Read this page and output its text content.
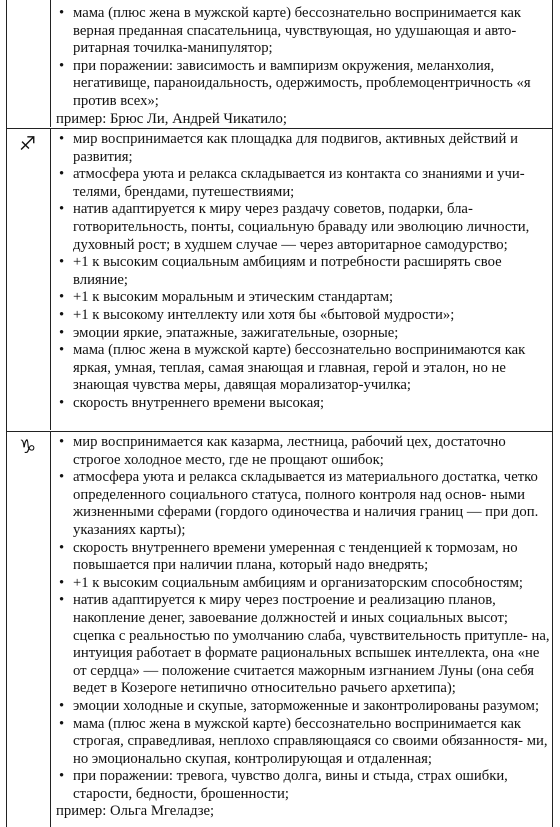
• мама (плюс жена в мужской карте) бессознательно воспринимается как верная преданная спасательница, чувствующая, но удушающая и авто- ритарная точилка-манипулятор;
• при поражении: зависимость и вампиризм окружения, меланхолия, негативище, параноидальность, одержимость, проблемоцентричность «я против всех»;
пример: Брюс Ли, Андрей Чикатило;
♐ • мир воспринимается как площадка для подвигов, активных действий и развития;
• атмосфера уюта и релакса складывается из контакта со знаниями и учи- телями, брендами, путешествиями;
• натив адаптируется к миру через раздачу советов, подарки, бла- готворительность, понты, социальную браваду или эволюцию личности, духовный рост; в худшем случае — через авторитарное самодурство;
• +1 к высоким социальным амбициям и потребности расширять свое влияние;
• +1 к высоким моральным и этическим стандартам;
• +1 к высокому интеллекту или хотя бы «бытовой мудрости»;
• эмоции яркие, эпатажные, зажигательные, озорные;
• мама (плюс жена в мужской карте) бессознательно воспринимаются как яркая, умная, теплая, самая знающая и главная, герой и эталон, но не знающая чувства меры, давящая морализатор-училка;
• скорость внутреннего времени высокая;
♑ • мир воспринимается как казарма, лестница, рабочий цех, достаточно строгое холодное место, где не прощают ошибок;
• атмосфера уюта и релакса складывается из материального достатка, четко определенного социального статуса, полного контроля над основ- ными жизненными сферами (гордого одиночества и наличия границ — при доп. указаниях карты);
• скорость внутреннего времени умеренная с тенденцией к тормозам, но повышается при наличии плана, который надо внедрять;
• +1 к высоким социальным амбициям и организаторским способностям;
• натив адаптируется к миру через построение и реализацию планов, накопление денег, завоевание должностей и иных социальных высот; сцепка с реальностью по умолчанию слаба, чувствительность притупле- на, интуиция работает в формате рациональных вспышек интеллекта, она «не от сердца» — положение считается мажорным изгнанием Луны (она себя ведет в Козероге нетипично относительно рачьего архетипа);
• эмоции холодные и скупые, заторможенные и законтролированы разумом;
• мама (плюс жена в мужской карте) бессознательно воспринимается как строгая, справедливая, неплохо справляющаяся со своими обязанностя- ми, но эмоционально скупая, контролирующая и отдаленная;
• при поражении: тревога, чувство долга, вины и стыда, страх ошибки, старости, бедности, брошенности;
пример: Ольга Мгеладзе;
